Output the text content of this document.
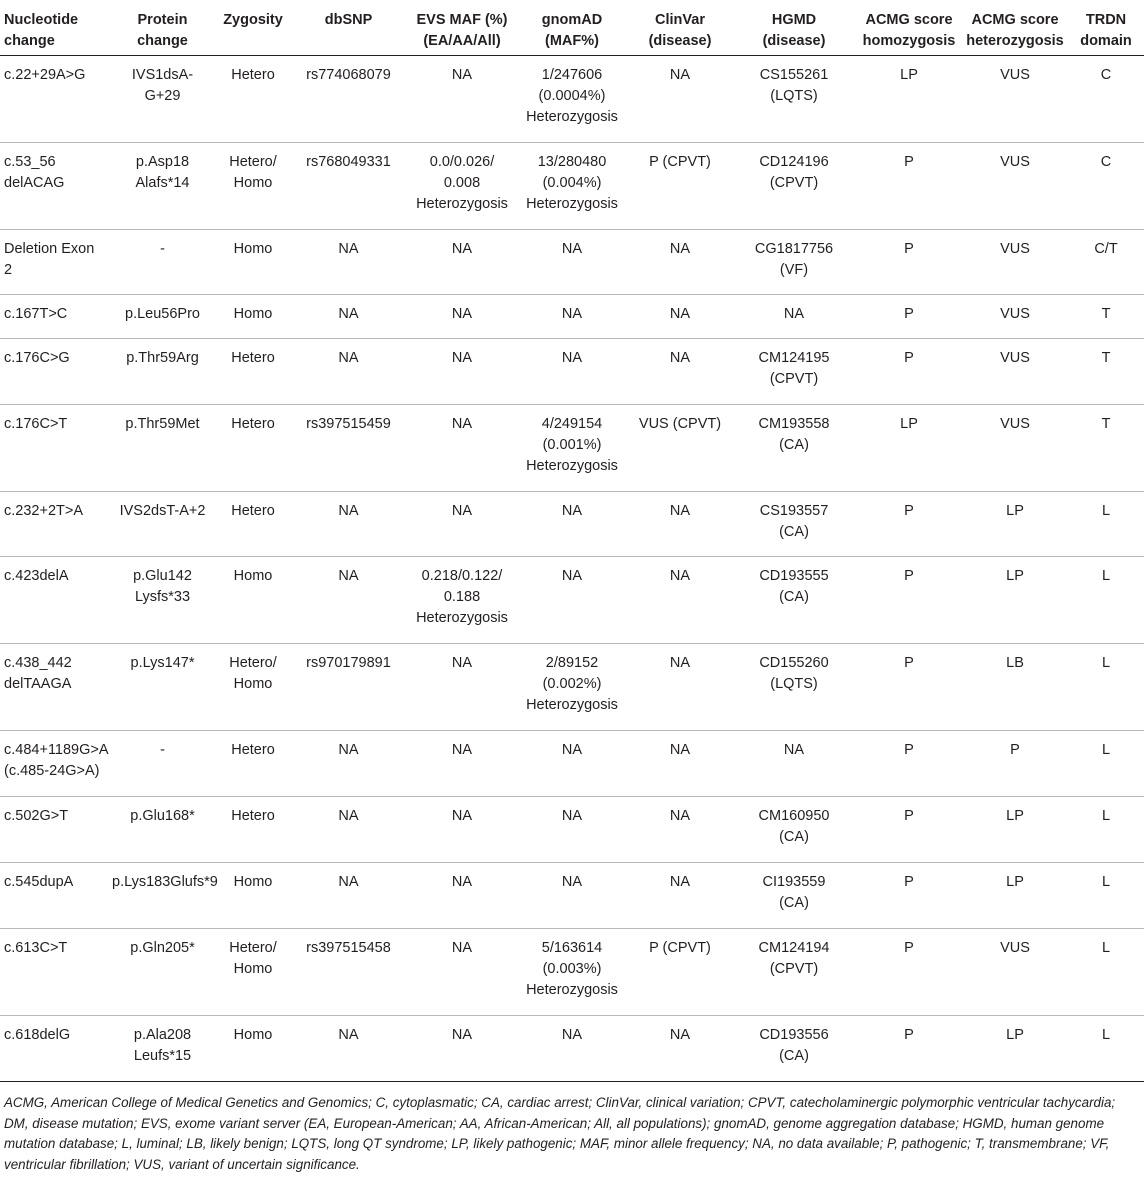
Nucleotide
change	Protein
change	Zygosity	dbSNP	EVS MAF (%)
(EA/AA/All)	gnomAD
(MAF%)	ClinVar
(disease)	HGMD
(disease)	ACMG score
homozygosis	ACMG score
heterozygosis	TRDN domain
c.22+29A>G	IVS1dsA-
G+29	Hetero	rs774068079	NA	1/247606
(0.0004%)
Heterozygosis	NA	CS155261
(LQTS)	LP	VUS	C
c.53_56
delACAG	p.Asp18
Alafs*14	Hetero/
Homo	rs768049331	0.0/0.026/
0.008
Heterozygosis	13/280480
(0.004%)
Heterozygosis	P (CPVT)	CD124196
(CPVT)	P	VUS	C
Deletion Exon 2	-	Homo	NA	NA	NA	NA	CG1817756
(VF)	P	VUS	C/T
c.167T>C	p.Leu56Pro	Homo	NA	NA	NA	NA	NA	P	VUS	T
c.176C>G	p.Thr59Arg	Hetero	NA	NA	NA	NA	CM124195
(CPVT)	P	VUS	T
c.176C>T	p.Thr59Met	Hetero	rs397515459	NA	4/249154
(0.001%)
Heterozygosis	VUS (CPVT)	CM193558
(CA)	LP	VUS	T
c.232+2T>A	IVS2dsT-A+2	Hetero	NA	NA	NA	NA	CS193557
(CA)	P	LP	L
c.423delA	p.Glu142
Lysfs*33	Homo	NA	0.218/0.122/
0.188
Heterozygosis	NA	NA	CD193555
(CA)	P	LP	L
c.438_442
delTAAGA	p.Lys147*	Hetero/
Homo	rs970179891	NA	2/89152
(0.002%)
Heterozygosis	NA	CD155260
(LQTS)	P	LB	L
c.484+1189G>A
(c.485-24G>A)	-	Hetero	NA	NA	NA	NA	NA	P	P	L
c.502G>T	p.Glu168*	Hetero	NA	NA	NA	NA	CM160950
(CA)	P	LP	L
c.545dupA	p.Lys183Glufs*9	Homo	NA	NA	NA	NA	CI193559
(CA)	P	LP	L
c.613C>T	p.Gln205*	Hetero/
Homo	rs397515458	NA	5/163614
(0.003%)
Heterozygosis	P (CPVT)	CM124194
(CPVT)	P	VUS	L
c.618delG	p.Ala208
Leufs*15	Homo	NA	NA	NA	NA	CD193556
(CA)	P	LP	L
ACMG, American College of Medical Genetics and Genomics; C, cytoplasmatic; CA, cardiac arrest; ClinVar, clinical variation; CPVT, catecholaminergic polymorphic ventricular tachycardia; DM, disease mutation; EVS, exome variant server (EA, European-American; AA, African-American; All, all populations); gnomAD, genome aggregation database; HGMD, human genome mutation database; L, luminal; LB, likely benign; LQTS, long QT syndrome; LP, likely pathogenic; MAF, minor allele frequency; NA, no data available; P, pathogenic; T, transmembrane; VF, ventricular fibrillation; VUS, variant of uncertain significance.
